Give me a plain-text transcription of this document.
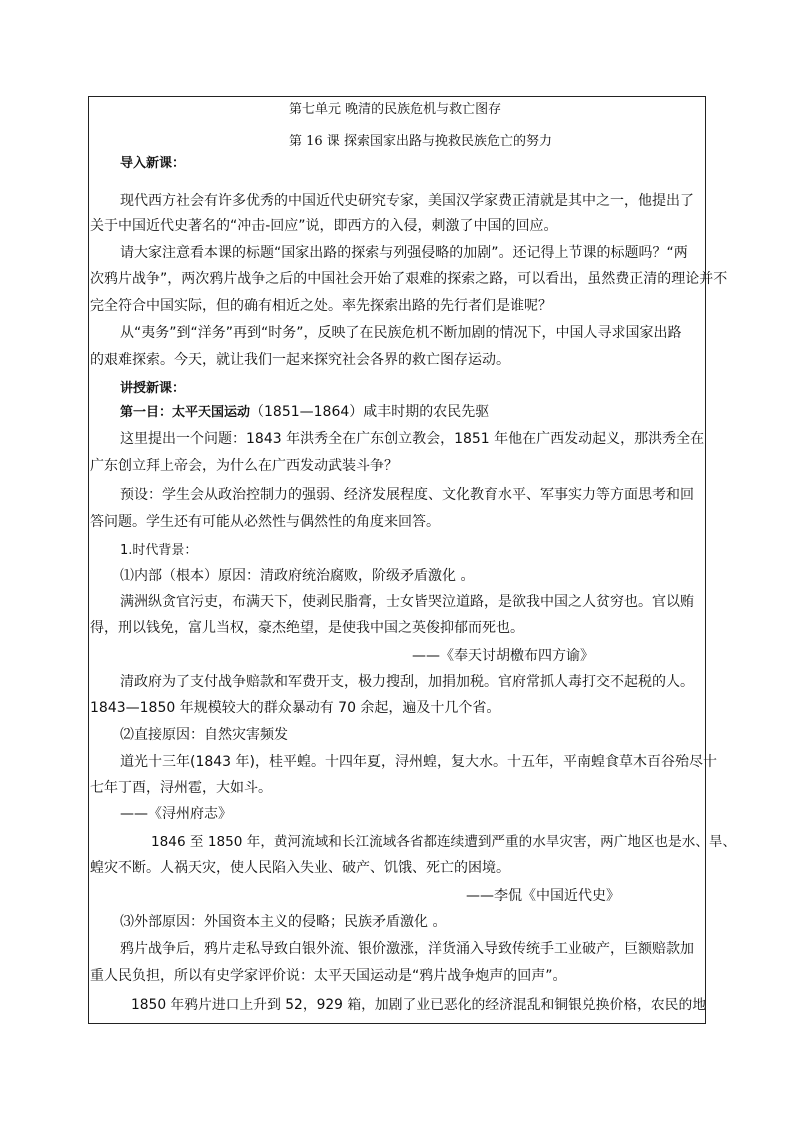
第七单元 晚清的民族危机与救亡图存
第 16 课 探索国家出路与挽救民族危亡的努力
导入新课：
现代西方社会有许多优秀的中国近代史研究专家，美国汉学家费正清就是其中之一，他提出了
关于中国近代史著名的“冲击-回应”说，即西方的入侵，刺激了中国的回应。
请大家注意看本课的标题“国家出路的探索与列强侵略的加剧”。还记得上节课的标题吗？“两
次鸦片战争”，两次鸦片战争之后的中国社会开始了艰难的探索之路，可以看出，虽然费正清的理论并不
完全符合中国实际，但的确有相近之处。率先探索出路的先行者们是谁呢？
从“夷务”到“洋务”再到“时务”，反映了在民族危机不断加剧的情况下，中国人寻求国家出路
的艰难探索。今天，就让我们一起来探究社会各界的救亡图存运动。
讲授新课：
第一目：太平天国运动（1851—1864）咸丰时期的农民先驱
这里提出一个问题：1843 年洪秀全在广东创立教会，1851 年他在广西发动起义，那洪秀全在
广东创立拜上帝会，为什么在广西发动武装斗争？
预设：学生会从政治控制力的强弱、经济发展程度、文化教育水平、军事实力等方面思考和回
答问题。学生还有可能从必然性与偶然性的角度来回答。
1.时代背景：
⑴内部（根本）原因：清政府统治腐败，阶级矛盾激化 。
满洲纵贪官污吏，布满天下，使剥民脂膏，士女皆哭泣道路，是欲我中国之人贫穷也。官以贿
得，刑以钱免，富儿当权，豪杰绝望，是使我中国之英俊抑郁而死也。
——《奉天讨胡檄布四方谕》
清政府为了支付战争赔款和军费开支，极力搜刮，加捐加税。官府常抓人毒打交不起税的人。
1843—1850 年规模较大的群众暴动有 70 余起，遍及十几个省。
⑵直接原因：自然灾害频发
道光十三年(1843 年)，桂平蝗。十四年夏，浔州蝗，复大水。十五年，平南蝗食草木百谷殆尽十
七年丁酉，浔州雹，大如斗。
——《浔州府志》
1846 至 1850 年，黄河流域和长江流域各省都连续遭到严重的水旱灾害，两广地区也是水、旱、
蝗灾不断。人祸天灾，使人民陷入失业、破产、饥饿、死亡的困境。
——李侃《中国近代史》
⑶外部原因：外国资本主义的侵略；民族矛盾激化 。
鸦片战争后，鸦片走私导致白银外流、银价激涨，洋货涌入导致传统手工业破产，巨额赔款加
重人民负担，所以有史学家评价说：太平天国运动是“鸦片战争炮声的回声”。
1850 年鸦片进口上升到 52，929 箱，加剧了业已恶化的经济混乱和铜银兑换价格，农民的地
